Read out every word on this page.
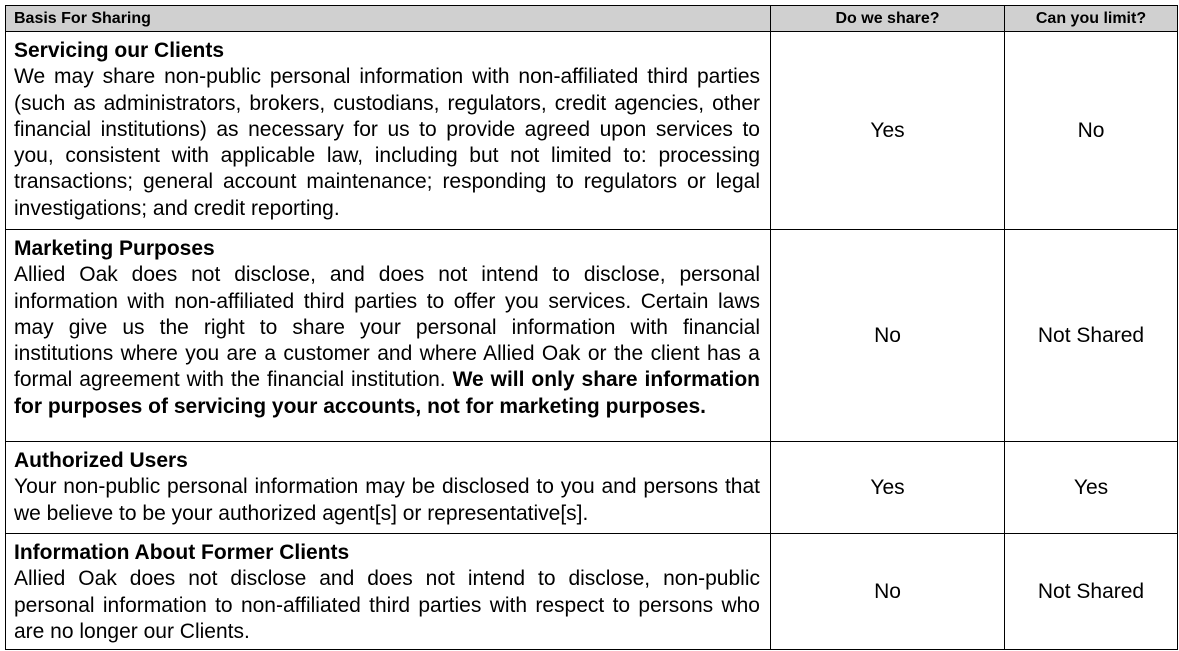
Basis For Sharing	Do we share?	Can you limit?

Servicing our Clients
We may share non-public personal information with non-affiliated third parties (such as administrators, brokers, custodians, regulators, credit agencies, other financial institutions) as necessary for us to provide agreed upon services to you, consistent with applicable law, including but not limited to: processing transactions; general account maintenance; responding to regulators or legal investigations; and credit reporting.	Yes	No

Marketing Purposes
Allied Oak does not disclose, and does not intend to disclose, personal information with non-affiliated third parties to offer you services. Certain laws may give us the right to share your personal information with financial institutions where you are a customer and where Allied Oak or the client has a formal agreement with the financial institution. We will only share information for purposes of servicing your accounts, not for marketing purposes.	No	Not Shared

Authorized Users
Your non-public personal information may be disclosed to you and persons that we believe to be your authorized agent[s] or representative[s].	Yes	Yes

Information About Former Clients
Allied Oak does not disclose and does not intend to disclose, non-public personal information to non-affiliated third parties with respect to persons who are no longer our Clients.	No	Not Shared
